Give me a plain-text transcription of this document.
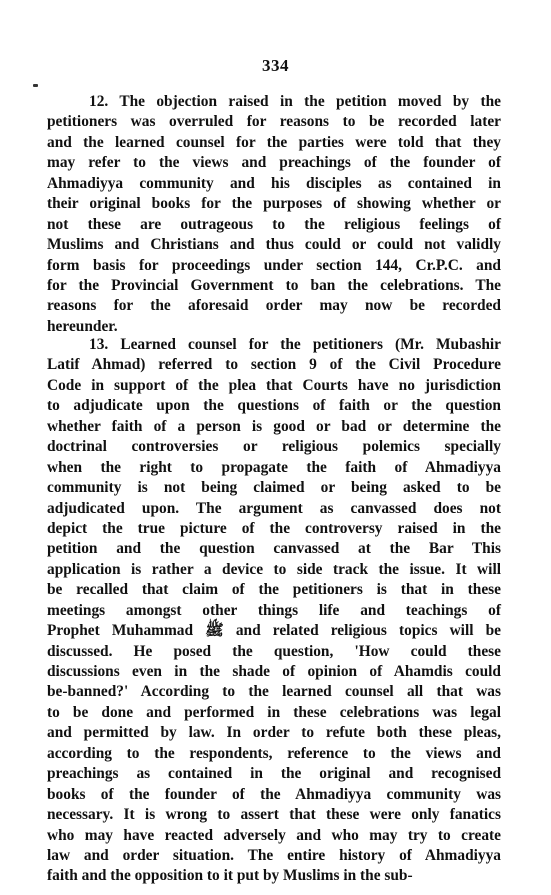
334
12. The objection raised in the petition moved by the
petitioners was overruled for reasons to be recorded later
and the learned counsel for the parties were told that they
may refer to the views and preachings of the founder of
Ahmadiyya community and his disciples as contained in
their original books for the purposes of showing whether or
not these are outrageous to the religious feelings of
Muslims and Christians and thus could or could not validly
form basis for proceedings under section 144, Cr.P.C. and
for the Provincial Government to ban the celebrations. The
reasons for the aforesaid order may now be recorded
hereunder.
13. Learned counsel for the petitioners (Mr. Mubashir
Latif Ahmad) referred to section 9 of the Civil Procedure
Code in support of the plea that Courts have no jurisdiction
to adjudicate upon the questions of faith or the question
whether faith of a person is good or bad or determine the
doctrinal controversies or religious polemics specially
when the right to propagate the faith of Ahmadiyya
community is not being claimed or being asked to be
adjudicated upon. The argument as canvassed does not
depict the true picture of the controversy raised in the
petition and the question canvassed at the Bar This
application is rather a device to side track the issue. It will
be recalled that claim of the petitioners is that in these
meetings amongst other things life and teachings of
Prophet Muhammad ﷺ and related religious topics will be
discussed. He posed the question, 'How could these
discussions even in the shade of opinion of Ahamdis could
be-banned?' According to the learned counsel all that was
to be done and performed in these celebrations was legal
and permitted by law. In order to refute both these pleas,
according to the respondents, reference to the views and
preachings as contained in the original and recognised
books of the founder of the Ahmadiyya community was
necessary. It is wrong to assert that these were only fanatics
who may have reacted adversely and who may try to create
law and order situation. The entire history of Ahmadiyya
faith and the opposition to it put by Muslims in the sub-
